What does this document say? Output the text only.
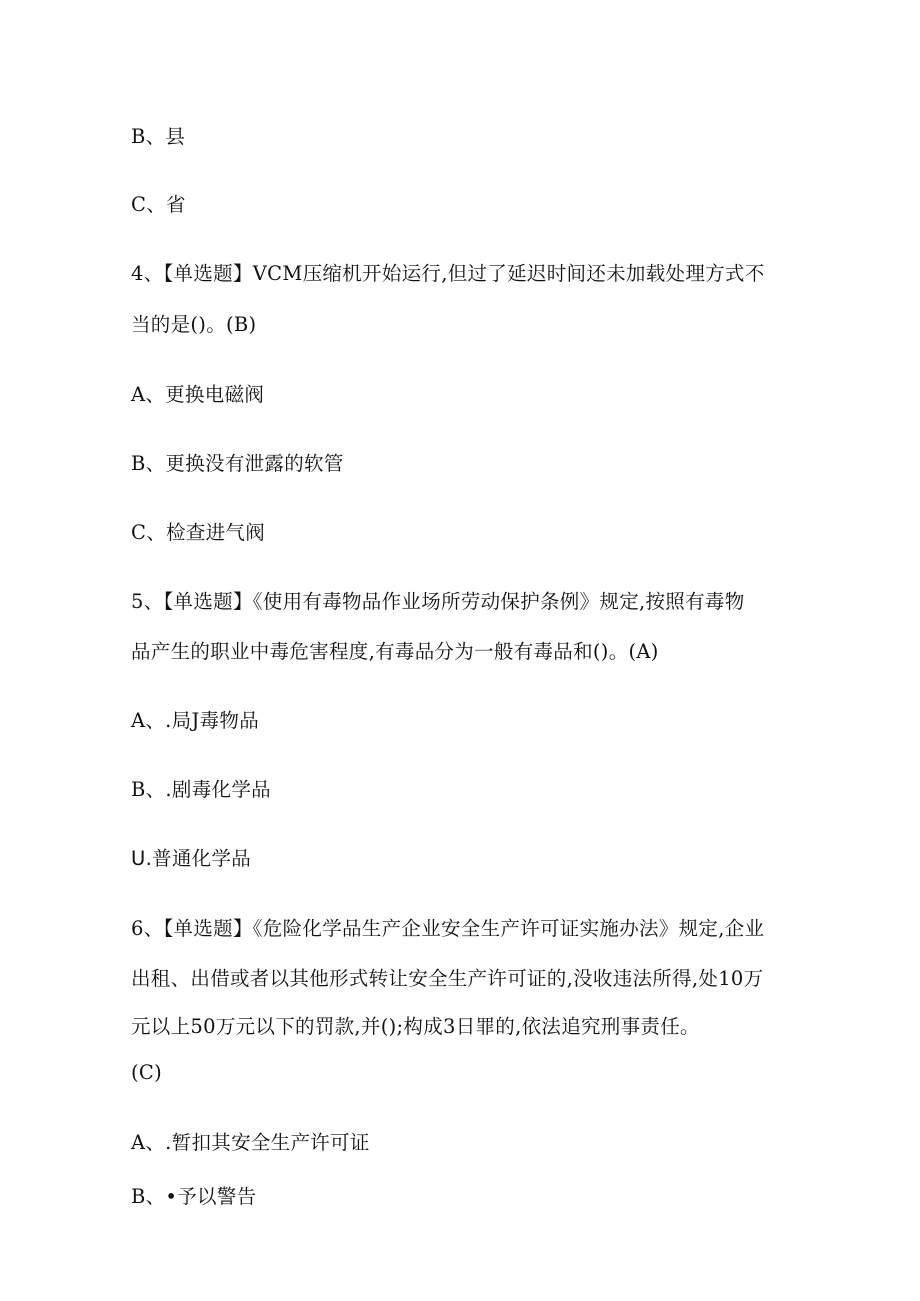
B、县

C、省

4、【单选题】VCM压缩机开始运行,但过了延迟时间还未加载处理方式不

当的是()。(B)

A、更换电磁阀

B、更换没有泄露的软管

C、检查进气阀

5、【单选题】《使用有毒物品作业场所劳动保护条例》规定,按照有毒物

品产生的职业中毒危害程度,有毒品分为一般有毒品和()。(A)

A、.局J毒物品

B、.剧毒化学品

U.普通化学品

6、【单选题】《危险化学品生产企业安全生产许可证实施办法》规定,企业

出租、出借或者以其他形式转让安全生产许可证的,没收违法所得,处10万

元以上50万元以下的罚款,并();构成3日罪的,依法追究刑事责任。

(C)

A、.暂扣其安全生产许可证

B、•予以警告
